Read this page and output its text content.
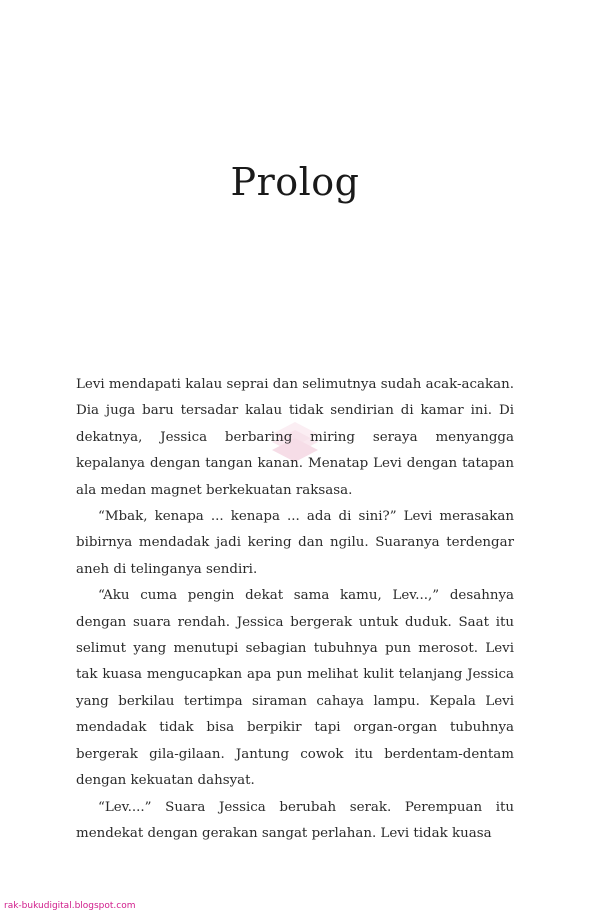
Prolog

Levi mendapati kalau seprai dan selimutnya sudah acak-acakan. Dia juga baru tersadar kalau tidak sendirian di kamar ini. Di dekatnya, Jessica berbaring miring seraya menyangga kepalanya dengan tangan kanan. Menatap Levi dengan tatapan ala medan magnet berkekuatan raksasa.

“Mbak, kenapa ... kenapa ... ada di sini?” Levi merasakan bibirnya mendadak jadi kering dan ngilu. Suaranya terdengar aneh di telinganya sendiri.

“Aku cuma pengin dekat sama kamu, Lev...,” desahnya dengan suara rendah. Jessica bergerak untuk duduk. Saat itu selimut yang menutupi sebagian tubuhnya pun merosot. Levi tak kuasa mengucapkan apa pun melihat kulit telanjang Jessica yang berkilau tertimpa siraman cahaya lampu. Kepala Levi mendadak tidak bisa berpikir tapi organ-organ tubuhnya bergerak gila-gilaan. Jantung cowok itu berdentam-dentam dengan kekuatan dahsyat.

“Lev....” Suara Jessica berubah serak. Perempuan itu mendekat dengan gerakan sangat perlahan. Levi tidak kuasa

rak-bukudigital.blogspot.com
